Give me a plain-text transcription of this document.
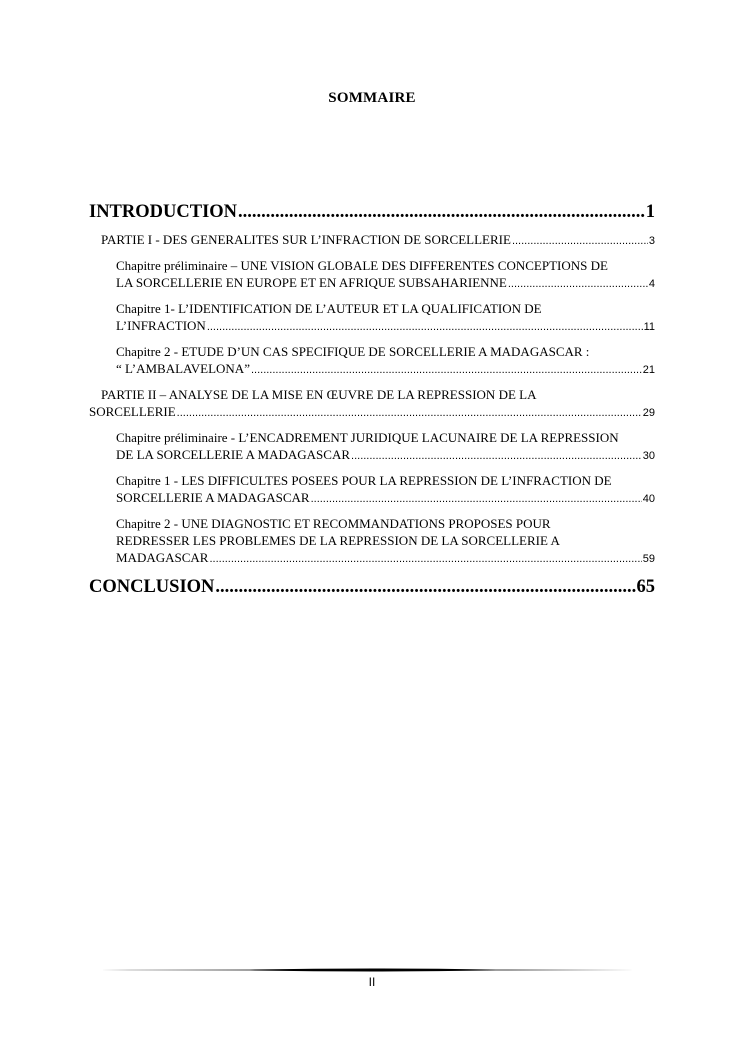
SOMMAIRE
INTRODUCTION .....	1
PARTIE I - DES GENERALITES SUR L’INFRACTION DE SORCELLERIE .....	3
Chapitre préliminaire – UNE VISION GLOBALE DES DIFFERENTES CONCEPTIONS DE
LA SORCELLERIE EN EUROPE ET EN AFRIQUE SUBSAHARIENNE .....	4
Chapitre 1- L’IDENTIFICATION DE L’AUTEUR ET LA QUALIFICATION DE
L’INFRACTION .....	11
Chapitre 2 - ETUDE D’UN CAS SPECIFIQUE DE SORCELLERIE A MADAGASCAR :
“ L’AMBALAVELONA” .....	21
PARTIE II – ANALYSE DE LA MISE EN ŒUVRE DE LA REPRESSION DE LA
SORCELLERIE .....	29
Chapitre préliminaire - L’ENCADREMENT JURIDIQUE LACUNAIRE DE LA REPRESSION
DE LA SORCELLERIE A MADAGASCAR .....	30
Chapitre 1 - LES DIFFICULTES POSEES POUR LA REPRESSION DE L’INFRACTION DE
SORCELLERIE A MADAGASCAR .....	40
Chapitre 2 - UNE DIAGNOSTIC ET RECOMMANDATIONS PROPOSES POUR
REDRESSER LES PROBLEMES DE LA REPRESSION DE LA SORCELLERIE A
MADAGASCAR .....	59
CONCLUSION .....	65
II
